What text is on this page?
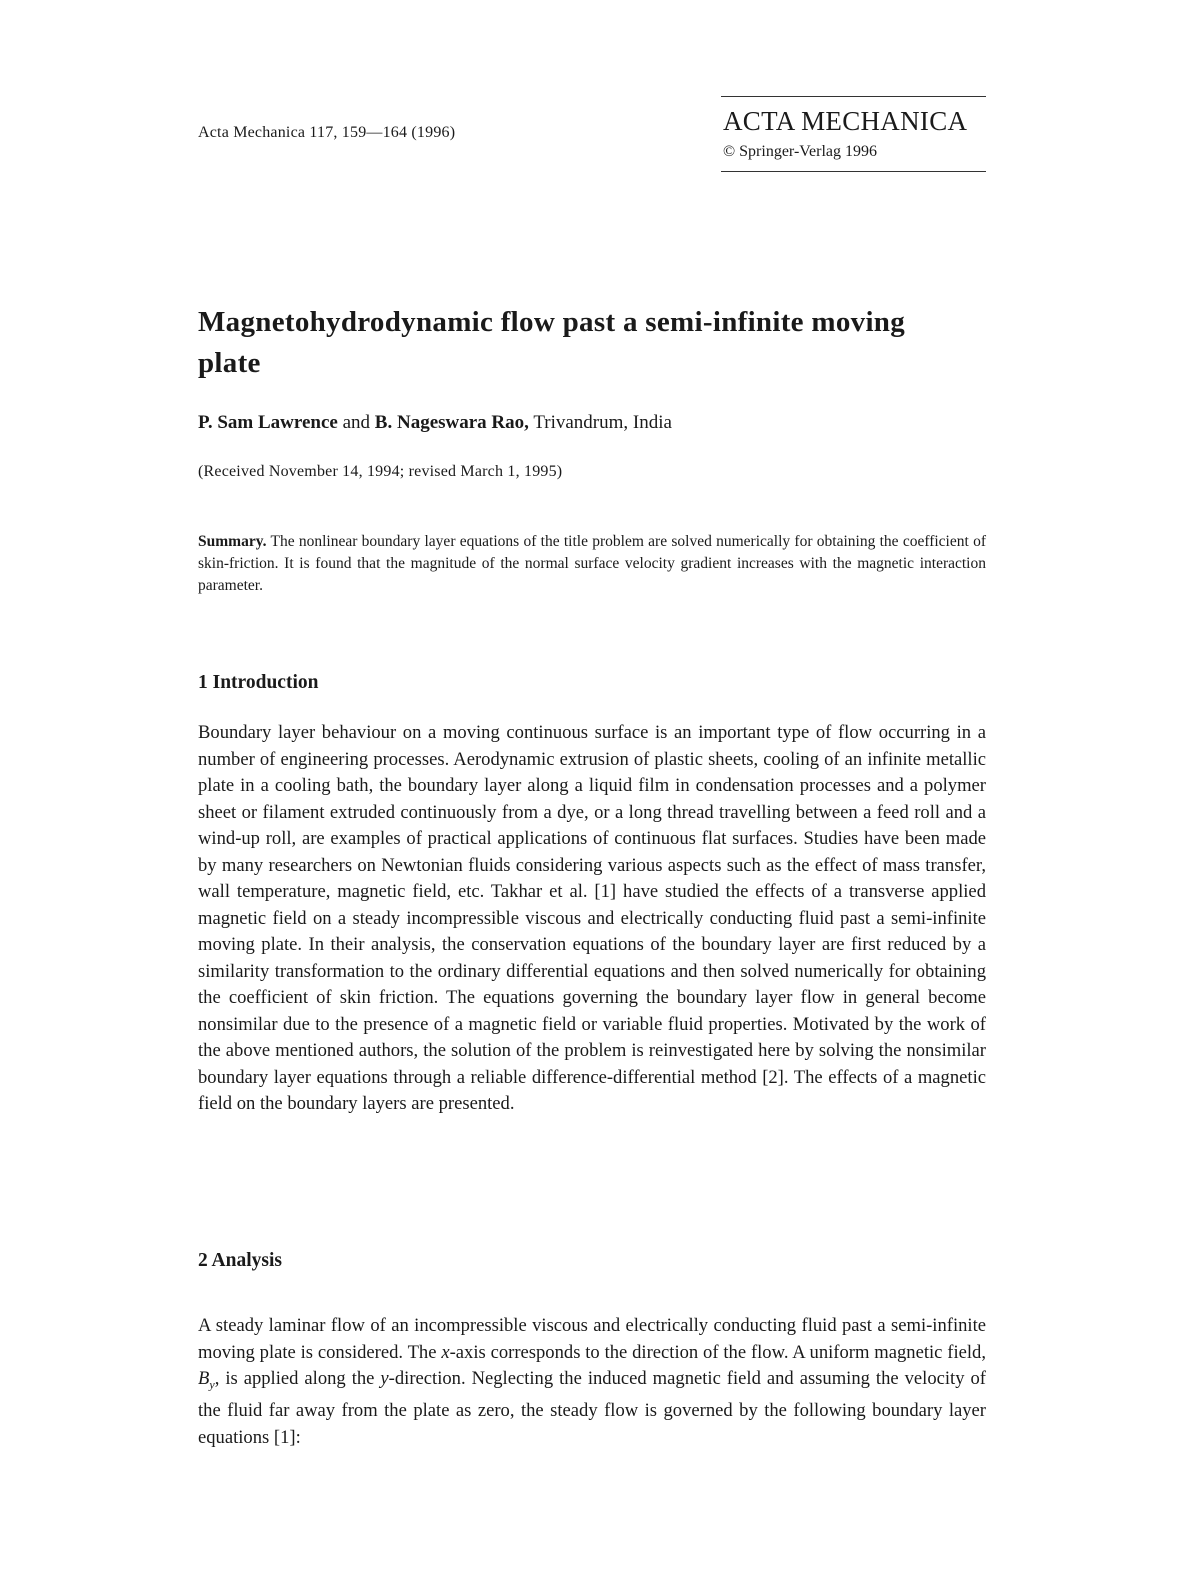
Acta Mechanica 117, 159—164 (1996)	ACTA MECHANICA
© Springer-Verlag 1996
Magnetohydrodynamic flow past a semi-infinite moving plate
P. Sam Lawrence and B. Nageswara Rao, Trivandrum, India
(Received November 14, 1994; revised March 1, 1995)

Summary. The nonlinear boundary layer equations of the title problem are solved numerically for obtaining the coefficient of skin-friction. It is found that the magnitude of the normal surface velocity gradient increases with the magnetic interaction parameter.

1 Introduction

Boundary layer behaviour on a moving continuous surface is an important type of flow occurring in a number of engineering processes. Aerodynamic extrusion of plastic sheets, cooling of an infinite metallic plate in a cooling bath, the boundary layer along a liquid film in condensation processes and a polymer sheet or filament extruded continuously from a dye, or a long thread travelling between a feed roll and a wind-up roll, are examples of practical applications of continuous flat surfaces. Studies have been made by many researchers on Newtonian fluids considering various aspects such as the effect of mass transfer, wall temperature, magnetic field, etc. Takhar et al. [1] have studied the effects of a transverse applied magnetic field on a steady incompressible viscous and electrically conducting fluid past a semi-infinite moving plate. In their analysis, the conservation equations of the boundary layer are first reduced by a similarity transformation to the ordinary differential equations and then solved numerically for obtaining the coefficient of skin friction. The equations governing the boundary layer flow in general become nonsimilar due to the presence of a magnetic field or variable fluid properties. Motivated by the work of the above mentioned authors, the solution of the problem is reinvestigated here by solving the nonsimilar boundary layer equations through a reliable difference-differential method [2]. The effects of a magnetic field on the boundary layers are presented.

2 Analysis

A steady laminar flow of an incompressible viscous and electrically conducting fluid past a semi-infinite moving plate is considered. The x-axis corresponds to the direction of the flow. A uniform magnetic field, $B_y$, is applied along the y-direction. Neglecting the induced magnetic field and assuming the velocity of the fluid far away from the plate as zero, the steady flow is governed by the following boundary layer equations [1]:
